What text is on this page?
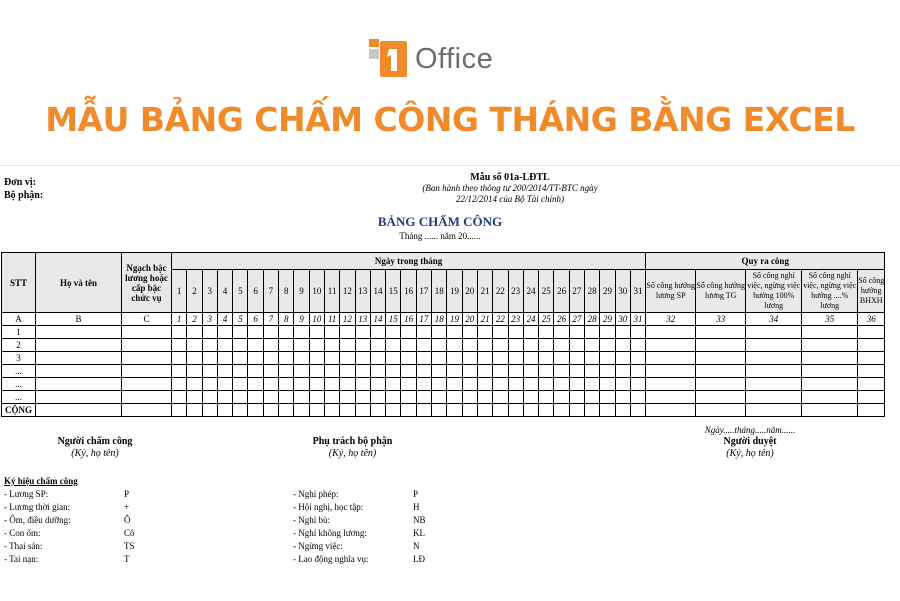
Office
MẪU BẢNG CHẤM CÔNG THÁNG BẰNG EXCEL
Đơn vị:
Bộ phận:
Mẫu số 01a-LĐTL
(Ban hành theo thông tư 200/2014/TT-BTC ngày
22/12/2014 của Bộ Tài chính)
BẢNG CHẤM CÔNG
Tháng ...... năm 20......
STT	Họ và tên	Ngạch bậc lương hoặc cấp bậc chức vụ	Ngày trong tháng																															Quy ra công				
			1	2	3	4	5	6	7	8	9	10	11	12	13	14	15	16	17	18	19	20	21	22	23	24	25	26	27	28	29	30	31	Số công hưởng lương SP	Số công hưởng lương TG	Số công nghỉ việc, ngừng việc hưởng 100% lương	Số công nghỉ việc, ngừng việc hưởng ....% lương	Số công hưởng BHXH
A	B	C	1	2	3	4	5	6	7	8	9	10	11	12	13	14	15	16	17	18	19	20	21	22	23	24	25	26	27	28	29	30	31	32	33	34	35	36
1																																						
2																																						
3																																						
...																																						
...																																						
...																																						
CỘNG																																						
Ngày.....tháng.....năm......
Người chấm công
(Ký, họ tên)
Phụ trách bộ phận
(Ký, họ tên)
Người duyệt
(Ký, họ tên)
Ký hiệu chấm công
- Lương SP:	P
- Lương thời gian:	+
- Ốm, điều dưỡng:	Ô
- Con ốm:	Cô
- Thai sản:	TS
- Tai nạn:	T
- Nghỉ phép:	P
- Hội nghị, học tập:	H
- Nghỉ bù:	NB
- Nghỉ không lương:	KL
- Ngừng việc:	N
- Lao động nghĩa vụ:	LĐ
